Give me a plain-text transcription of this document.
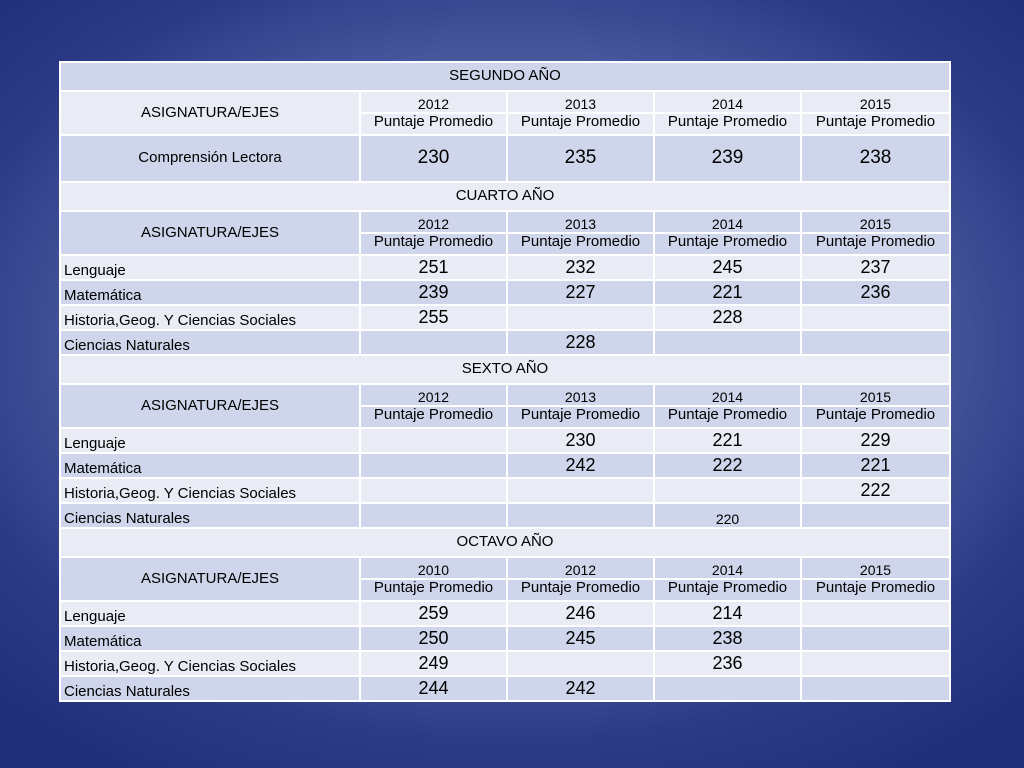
SEGUNDO AÑO				
ASIGNATURA/EJES	2012	2013	2014	2015
	Puntaje Promedio	Puntaje Promedio	Puntaje Promedio	Puntaje Promedio
Comprensión Lectora	230	235	239	238
CUARTO AÑO				
ASIGNATURA/EJES	2012	2013	2014	2015
	Puntaje Promedio	Puntaje Promedio	Puntaje Promedio	Puntaje Promedio
Lenguaje	251	232	245	237
Matemática	239	227	221	236
Historia,Geog. Y Ciencias Sociales	255		228	
Ciencias Naturales		228		
SEXTO AÑO				
ASIGNATURA/EJES	2012	2013	2014	2015
	Puntaje Promedio	Puntaje Promedio	Puntaje Promedio	Puntaje Promedio
Lenguaje		230	221	229
Matemática		242	222	221
Historia,Geog. Y Ciencias Sociales				222
Ciencias Naturales			220	
OCTAVO AÑO				
ASIGNATURA/EJES	2010	2012	2014	2015
	Puntaje Promedio	Puntaje Promedio	Puntaje Promedio	Puntaje Promedio
Lenguaje	259	246	214	
Matemática	250	245	238	
Historia,Geog. Y Ciencias Sociales	249		236	
Ciencias Naturales	244	242		
